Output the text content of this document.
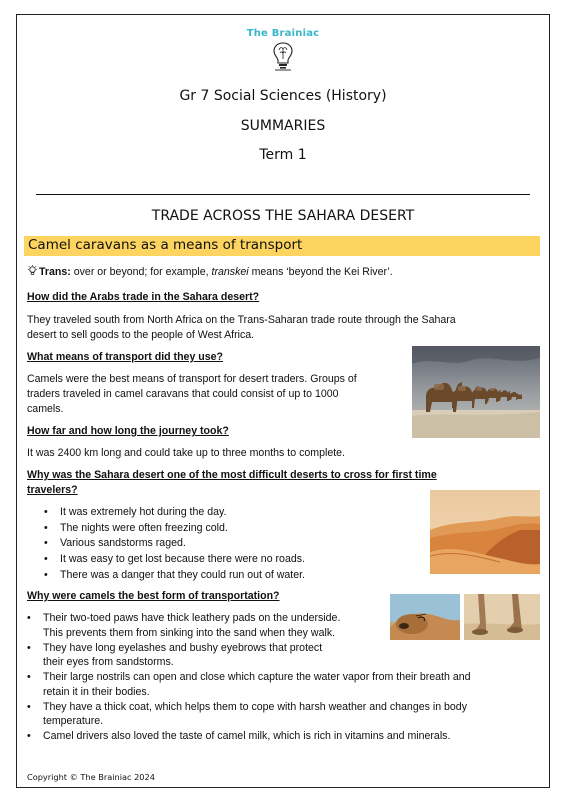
The Brainiac
Gr 7 Social Sciences (History)
SUMMARIES
Term 1
TRADE ACROSS THE SAHARA DESERT
Camel caravans as a means of transport
Trans: over or beyond; for example, transkei means ‘beyond the Kei River’.
How did the Arabs trade in the Sahara desert?
They traveled south from North Africa on the Trans-Saharan trade route through the Sahara
desert to sell goods to the people of West Africa.
What means of transport did they use?
Camels were the best means of transport for desert traders. Groups of
traders traveled in camel caravans that could consist of up to 1000
camels.
How far and how long the journey took?
It was 2400 km long and could take up to three months to complete.
Why was the Sahara desert one of the most difficult deserts to cross for first time
travelers?
• It was extremely hot during the day.
• The nights were often freezing cold.
• Various sandstorms raged.
• It was easy to get lost because there were no roads.
• There was a danger that they could run out of water.
Why were camels the best form of transportation?
• Their two-toed paws have thick leathery pads on the underside.
This prevents them from sinking into the sand when they walk.
• They have long eyelashes and bushy eyebrows that protect
their eyes from sandstorms.
• Their large nostrils can open and close which capture the water vapor from their breath and
retain it in their bodies.
• They have a thick coat, which helps them to cope with harsh weather and changes in body
temperature.
• Camel drivers also loved the taste of camel milk, which is rich in vitamins and minerals.
Copyright © The Brainiac 2024
